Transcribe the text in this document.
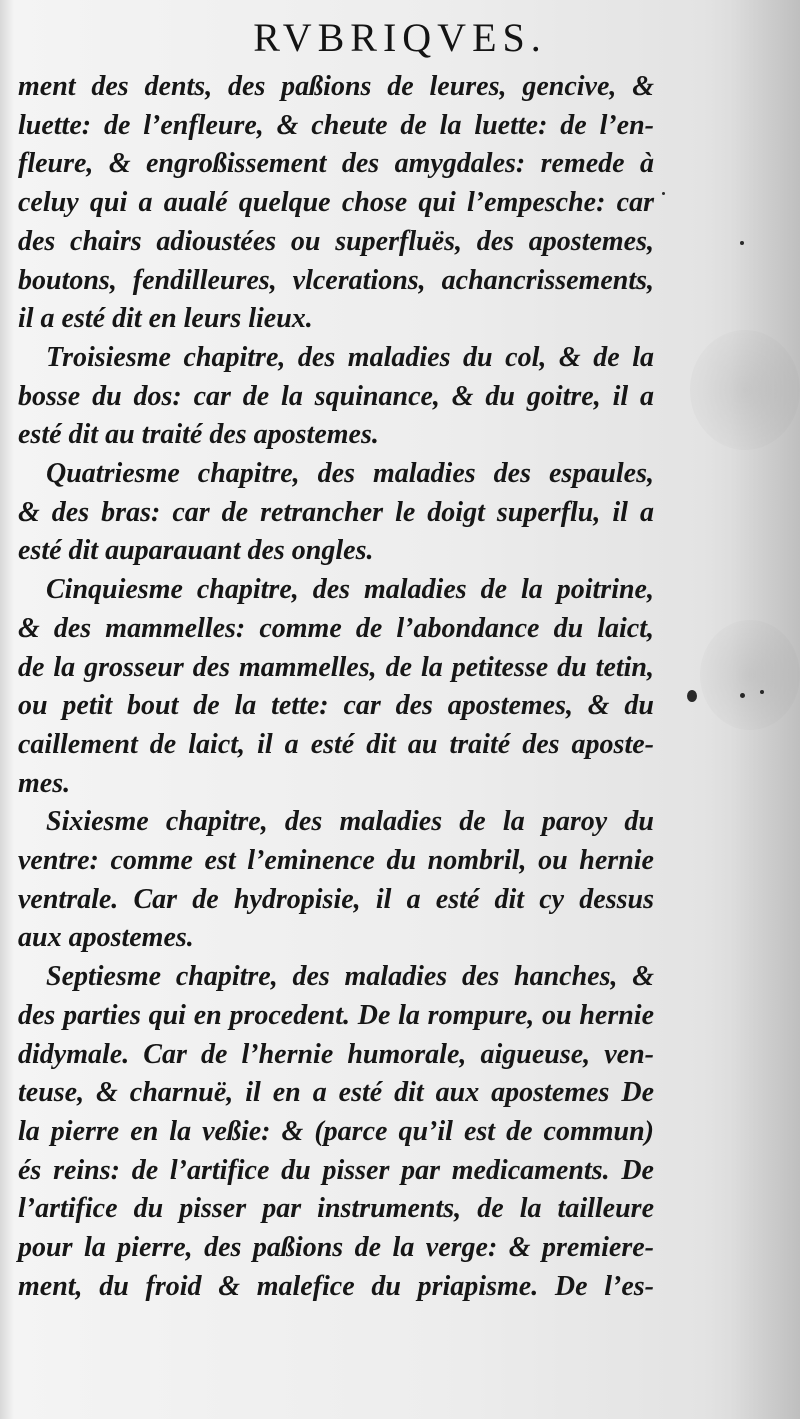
RVBRIQVES.
ment des dents, des paßions de leures, gencive, &
luette: de l’enfleure, & cheute de la luette: de l’en-
fleure, & engroßissement des amygdales: remede à
celuy qui a aualé quelque chose qui l’empesche: car
des chairs adioustées ou superfluës, des apostemes,
boutons, fendilleures, vlcerations, achancrissements,
il a esté dit en leurs lieux.
Troisiesme chapitre, des maladies du col, & de la
bosse du dos: car de la squinance, & du goitre, il a
esté dit au traité des apostemes.
Quatriesme chapitre, des maladies des espaules,
& des bras: car de retrancher le doigt superflu, il a
esté dit auparauant des ongles.
Cinquiesme chapitre, des maladies de la poitrine,
& des mammelles: comme de l’abondance du laict,
de la grosseur des mammelles, de la petitesse du tetin,
ou petit bout de la tette: car des apostemes, & du
caillement de laict, il a esté dit au traité des aposte-
mes.
Sixiesme chapitre, des maladies de la paroy du
ventre: comme est l’eminence du nombril, ou hernie
ventrale. Car de hydropisie, il a esté dit cy dessus
aux apostemes.
Septiesme chapitre, des maladies des hanches, &
des parties qui en procedent. De la rompure, ou hernie
didymale. Car de l’hernie humorale, aigueuse, ven-
teuse, & charnuë, il en a esté dit aux apostemes De
la pierre en la veßie: & (parce qu’il est de commun)
és reins: de l’artifice du pisser par medicaments. De
l’artifice du pisser par instruments, de la tailleure
pour la pierre, des paßions de la verge: & premiere-
ment, du froid & malefice du priapisme. De l’es-
